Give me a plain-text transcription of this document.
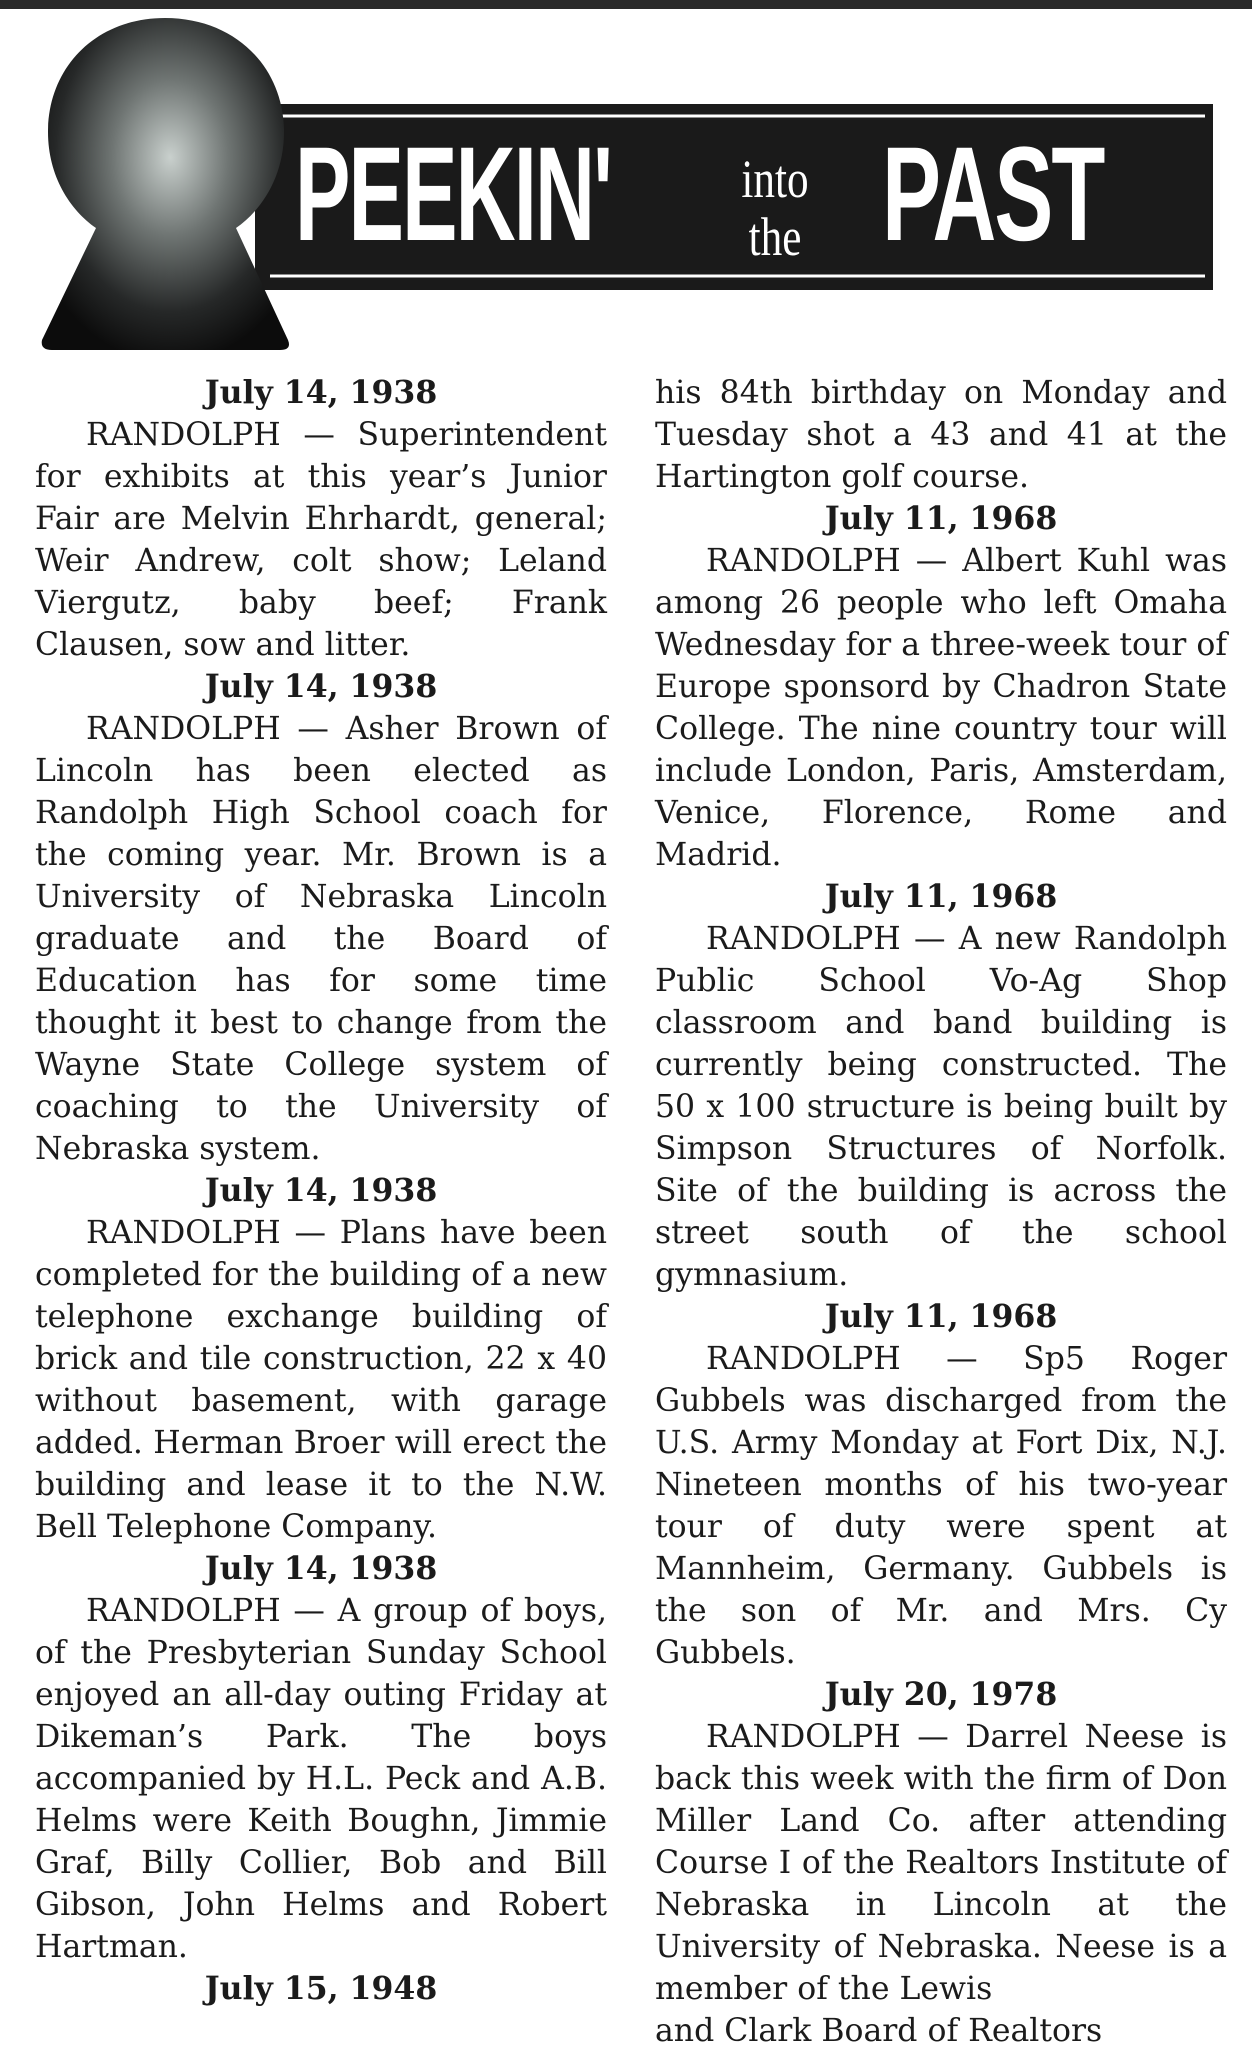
PEEKIN' into
the PAST

July 14, 1938

RANDOLPH — Superintendent for exhibits at this year’s Junior Fair are Melvin Ehrhardt, general; Weir Andrew, colt show; Leland Viergutz, baby beef; Frank Clausen, sow and litter.

July 14, 1938

RANDOLPH — Asher Brown of Lincoln has been elected as Randolph High School coach for the coming year. Mr. Brown is a University of Nebraska Lincoln graduate and the Board of Education has for some time thought it best to change from the Wayne State College system of coaching to the University of Nebraska system.

July 14, 1938

RANDOLPH — Plans have been completed for the building of a new telephone exchange building of brick and tile construction, 22 x 40 without basement, with garage added. Herman Broer will erect the building and lease it to the N.W. Bell Telephone Company.

July 14, 1938

RANDOLPH — A group of boys, of the Presbyterian Sunday School enjoyed an all-day outing Friday at Dikeman’s Park. The boys accompanied by H.L. Peck and A.B. Helms were Keith Boughn, Jimmie Graf, Billy Collier, Bob and Bill Gibson, John Helms and Robert Hartman.

July 15, 1948

his 84th birthday on Monday and Tuesday shot a 43 and 41 at the Hartington golf course.

July 11, 1968

RANDOLPH — Albert Kuhl was among 26 people who left Omaha Wednesday for a three-week tour of Europe sponsord by Chadron State College. The nine country tour will include London, Paris, Amsterdam, Venice, Florence, Rome and Madrid.

July 11, 1968

RANDOLPH — A new Randolph Public School Vo-Ag Shop classroom and band building is currently being constructed. The 50 x 100 structure is being built by Simpson Structures of Norfolk. Site of the building is across the street south of the school gymnasium.

July 11, 1968

RANDOLPH — Sp5 Roger Gubbels was discharged from the U.S. Army Monday at Fort Dix, N.J. Nineteen months of his two-year tour of duty were spent at Mannheim, Germany. Gubbels is the son of Mr. and Mrs. Cy Gubbels.

July 20, 1978

RANDOLPH — Darrel Neese is back this week with the firm of Don Miller Land Co. after attending Course I of the Realtors Institute of Nebraska in Lincoln at the University of Nebraska. Neese is a member of the Lewis

and Clark Board of Realtors
